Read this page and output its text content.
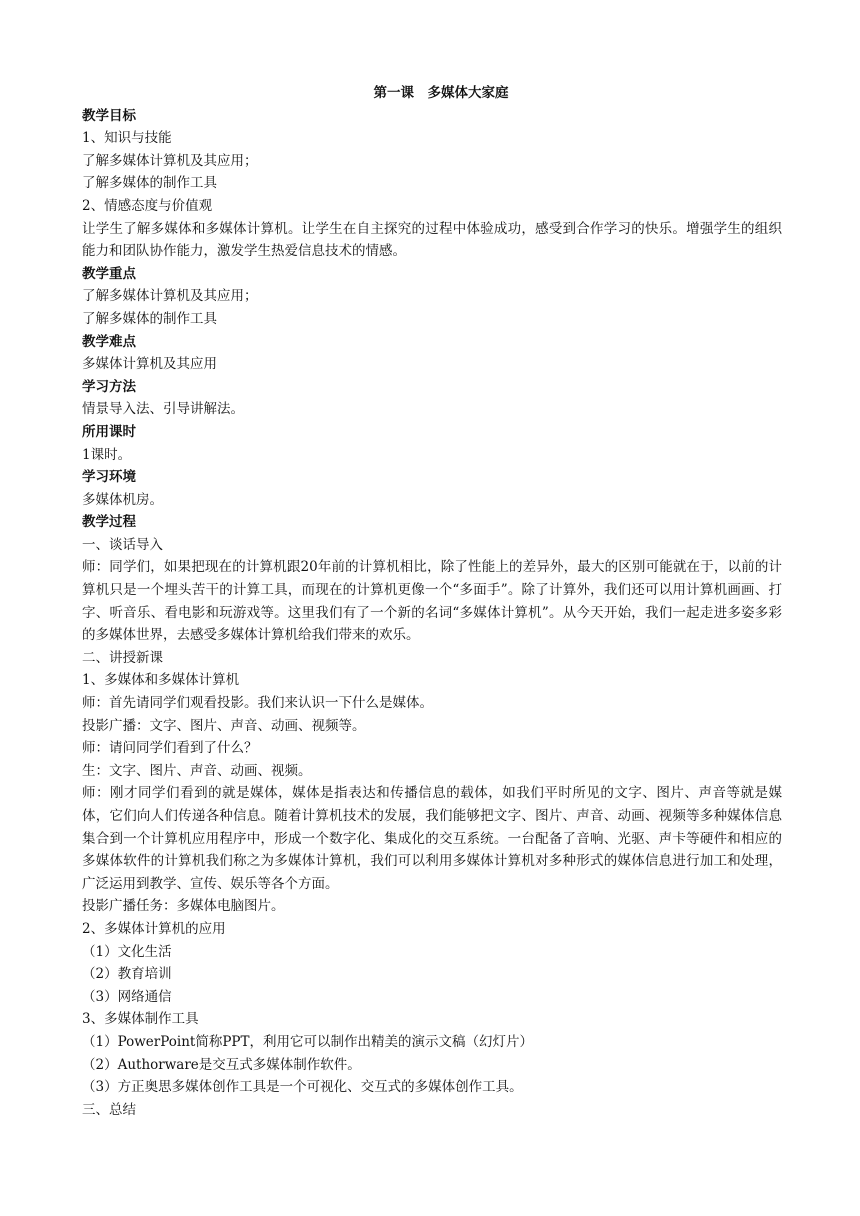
第一课　多媒体大家庭

教学目标

1、知识与技能

了解多媒体计算机及其应用；

了解多媒体的制作工具

2、情感态度与价值观

让学生了解多媒体和多媒体计算机。让学生在自主探究的过程中体验成功，感受到合作学习的快乐。增强学生的组织能力和团队协作能力，激发学生热爱信息技术的情感。

教学重点

了解多媒体计算机及其应用；

了解多媒体的制作工具

教学难点

多媒体计算机及其应用

学习方法

情景导入法、引导讲解法。

所用课时

1课时。

学习环境

多媒体机房。

教学过程

一、谈话导入

师：同学们，如果把现在的计算机跟20年前的计算机相比，除了性能上的差异外，最大的区别可能就在于，以前的计算机只是一个埋头苦干的计算工具，而现在的计算机更像一个“多面手”。除了计算外，我们还可以用计算机画画、打字、听音乐、看电影和玩游戏等。这里我们有了一个新的名词“多媒体计算机”。从今天开始，我们一起走进多姿多彩的多媒体世界，去感受多媒体计算机给我们带来的欢乐。

二、讲授新课

1、多媒体和多媒体计算机

师：首先请同学们观看投影。我们来认识一下什么是媒体。

投影广播：文字、图片、声音、动画、视频等。

师：请问同学们看到了什么？

生：文字、图片、声音、动画、视频。

师：刚才同学们看到的就是媒体，媒体是指表达和传播信息的载体，如我们平时所见的文字、图片、声音等就是媒体，它们向人们传递各种信息。随着计算机技术的发展，我们能够把文字、图片、声音、动画、视频等多种媒体信息集合到一个计算机应用程序中，形成一个数字化、集成化的交互系统。一台配备了音响、光驱、声卡等硬件和相应的多媒体软件的计算机我们称之为多媒体计算机，我们可以利用多媒体计算机对多种形式的媒体信息进行加工和处理，广泛运用到教学、宣传、娱乐等各个方面。

投影广播任务：多媒体电脑图片。

2、多媒体计算机的应用

（1）文化生活

（2）教育培训

（3）网络通信

3、多媒体制作工具

（1）PowerPoint简称PPT，利用它可以制作出精美的演示文稿（幻灯片）

（2）Authorware是交互式多媒体制作软件。

（3）方正奥思多媒体创作工具是一个可视化、交互式的多媒体创作工具。

三、总结
